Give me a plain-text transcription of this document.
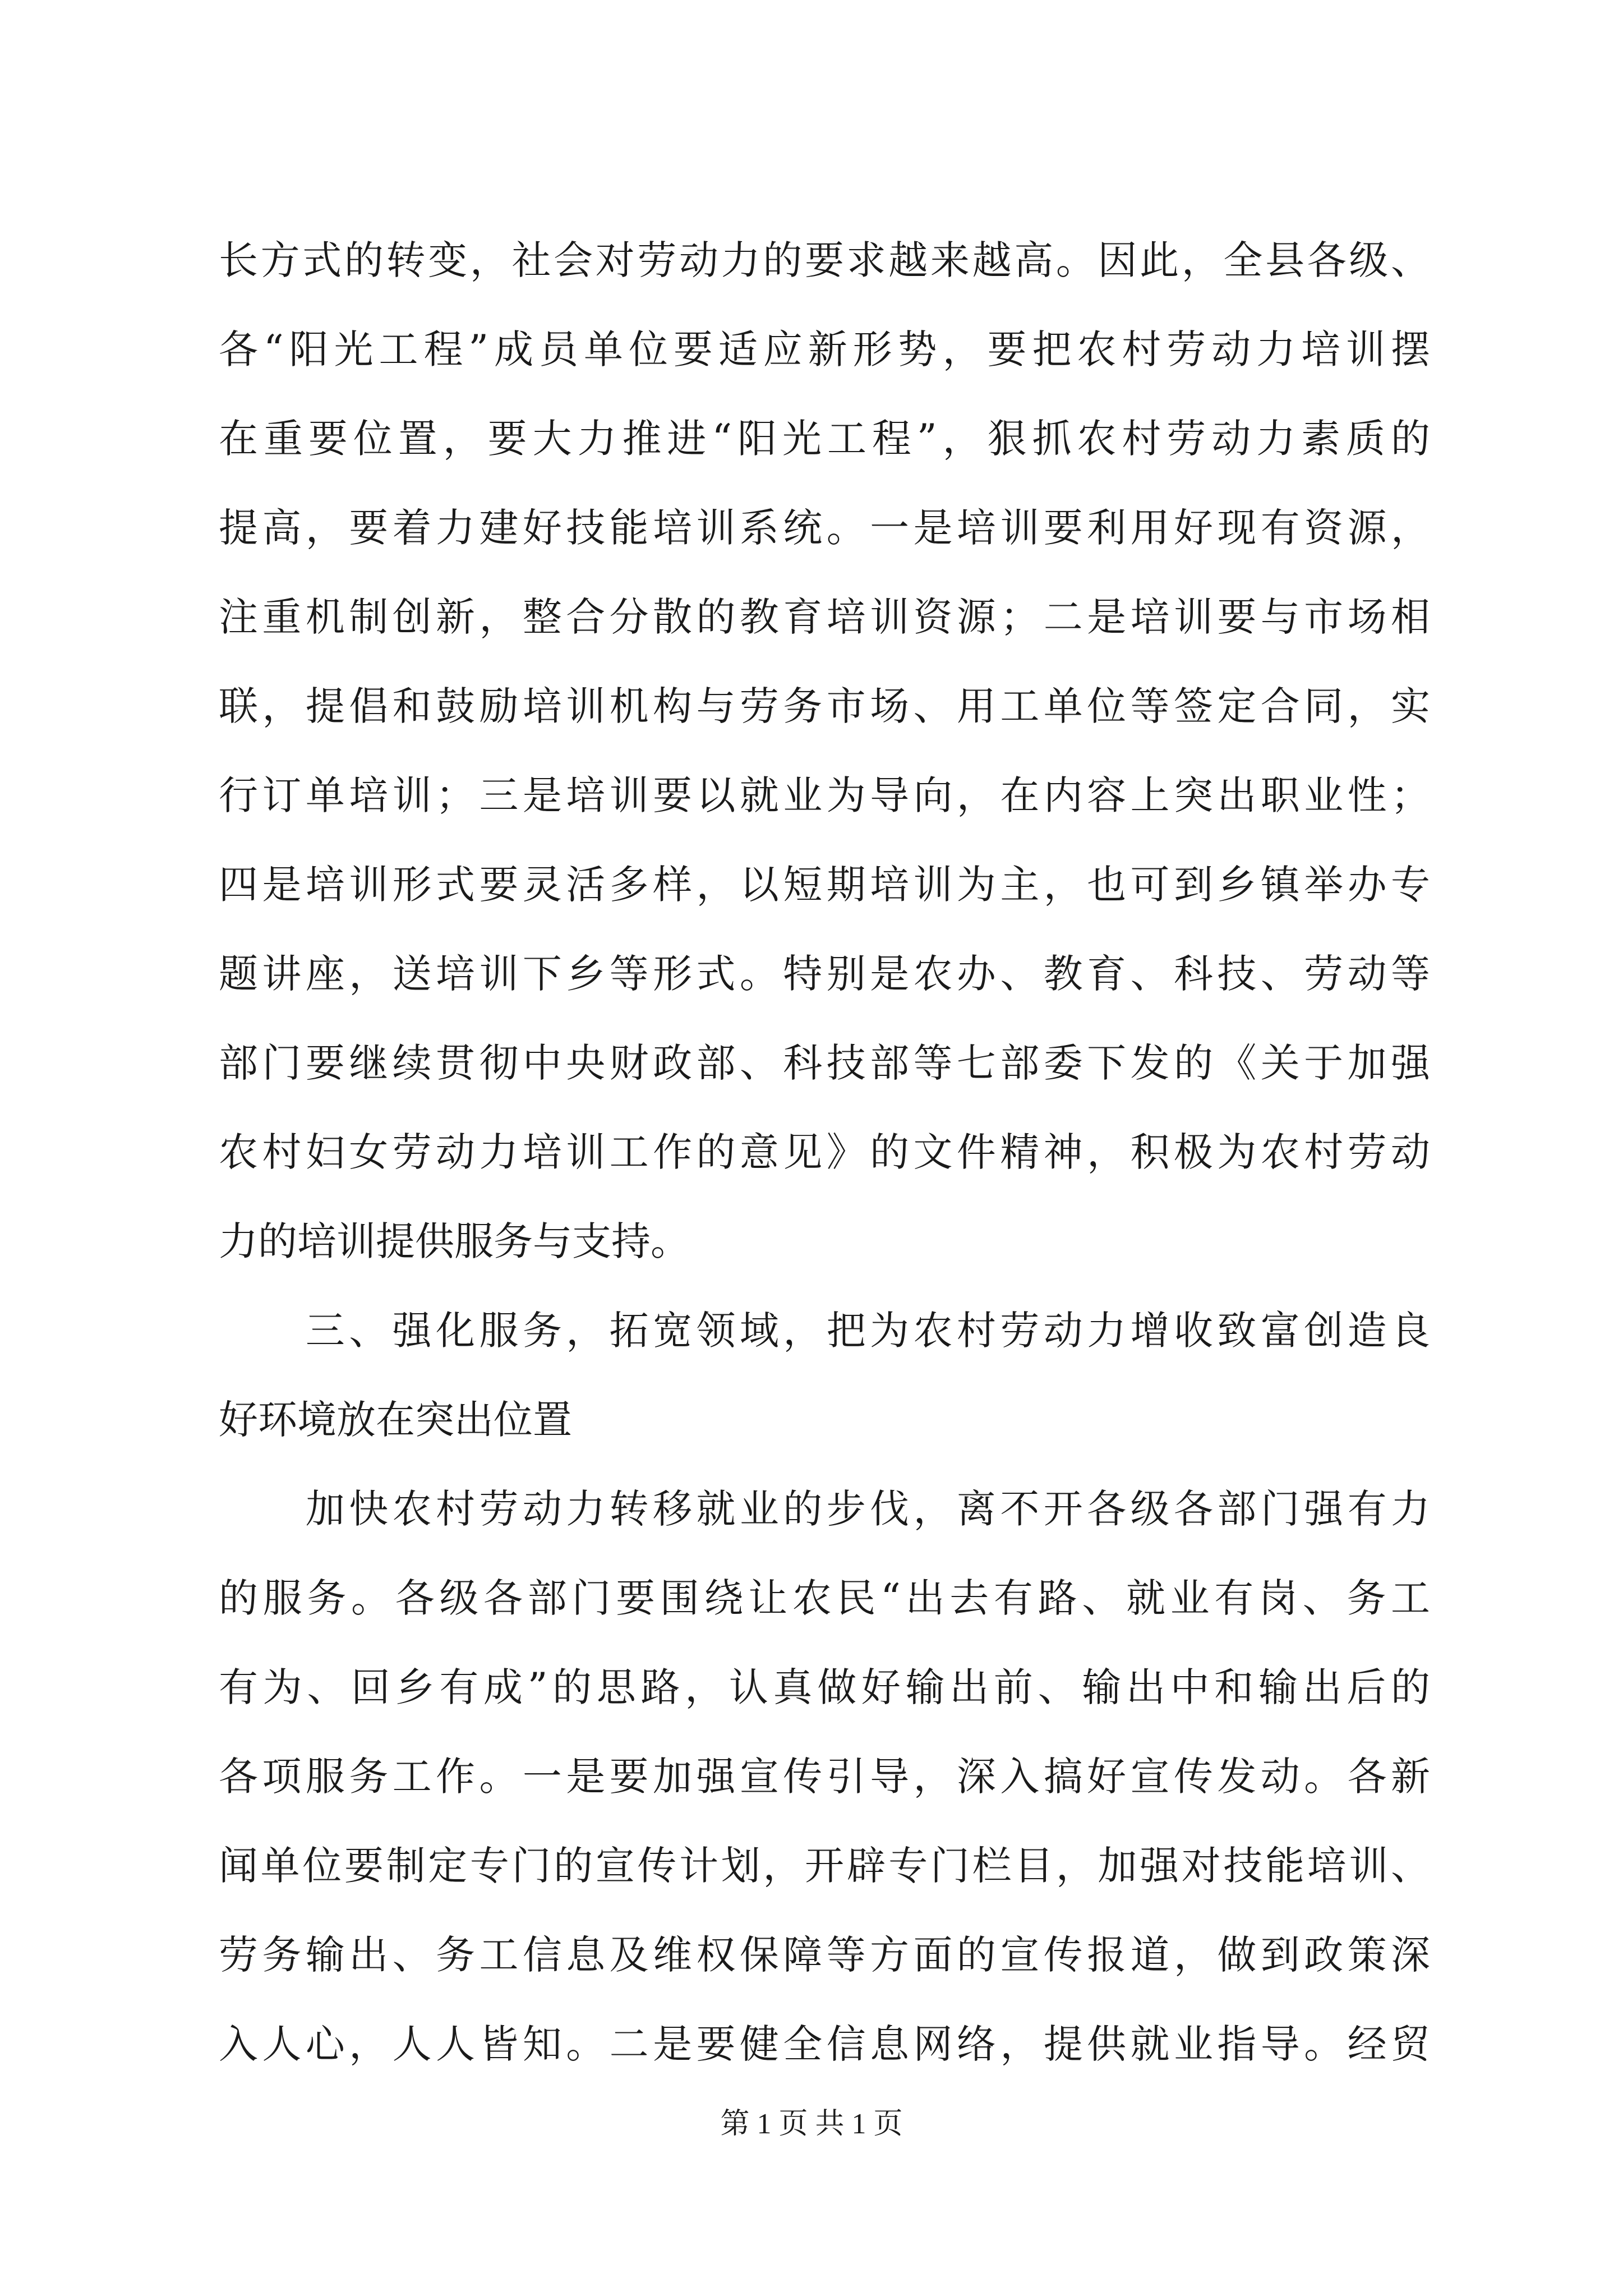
长方式的转变，社会对劳动力的要求越来越高。因此，全县各级、
各“阳光工程”成员单位要适应新形势，要把农村劳动力培训摆
在重要位置，要大力推进“阳光工程”，狠抓农村劳动力素质的
提高，要着力建好技能培训系统。一是培训要利用好现有资源，
注重机制创新，整合分散的教育培训资源；二是培训要与市场相
联，提倡和鼓励培训机构与劳务市场、用工单位等签定合同，实
行订单培训；三是培训要以就业为导向，在内容上突出职业性；
四是培训形式要灵活多样，以短期培训为主，也可到乡镇举办专
题讲座，送培训下乡等形式。特别是农办、教育、科技、劳动等
部门要继续贯彻中央财政部、科技部等七部委下发的《关于加强
农村妇女劳动力培训工作的意见》的文件精神，积极为农村劳动
力的培训提供服务与支持。
　　三、强化服务，拓宽领域，把为农村劳动力增收致富创造良
好环境放在突出位置
　　加快农村劳动力转移就业的步伐，离不开各级各部门强有力
的服务。各级各部门要围绕让农民“出去有路、就业有岗、务工
有为、回乡有成”的思路，认真做好输出前、输出中和输出后的
各项服务工作。一是要加强宣传引导，深入搞好宣传发动。各新
闻单位要制定专门的宣传计划，开辟专门栏目，加强对技能培训、
劳务输出、务工信息及维权保障等方面的宣传报道，做到政策深
入人心，人人皆知。二是要健全信息网络，提供就业指导。经贸
第 1 页 共 1 页
